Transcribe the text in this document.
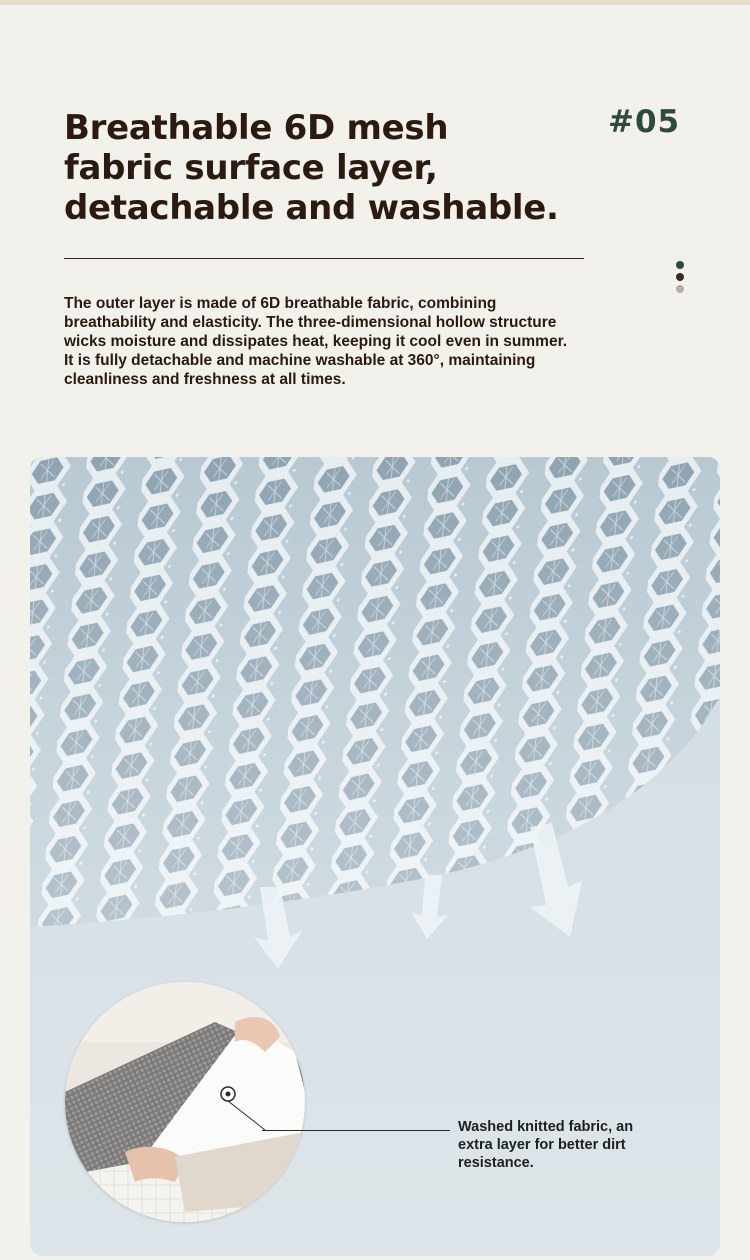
Breathable 6D mesh fabric surface layer, detachable and washable.
#05

The outer layer is made of 6D breathable fabric, combining breathability and elasticity. The three-dimensional hollow structure wicks moisture and dissipates heat, keeping it cool even in summer. It is fully detachable and machine washable at 360°, maintaining cleanliness and freshness at all times.

Washed knitted fabric, an extra layer for better dirt resistance.
